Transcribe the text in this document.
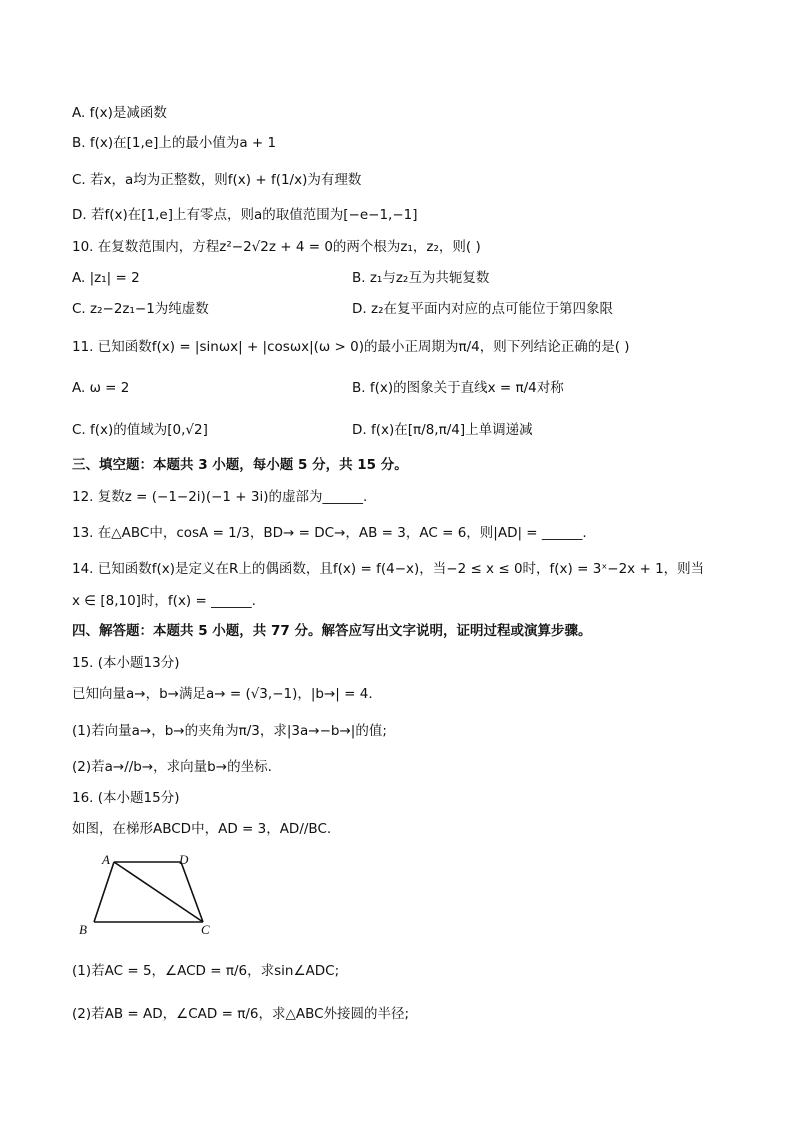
A. f(x)是减函数
B. f(x)在[1,e]上的最小值为a + 1
C. 若x，a均为正整数，则f(x) + f(1/x)为有理数
D. 若f(x)在[1,e]上有零点，则a的取值范围为[−e−1,−1]
10. 在复数范围内，方程z²−2√2z + 4 = 0的两个根为z₁，z₂，则( )
A. |z₁| = 2	B. z₁与z₂互为共轭复数
C. z₂−2z₁−1为纯虚数	D. z₂在复平面内对应的点可能位于第四象限
11. 已知函数f(x) = |sinωx| + |cosωx|(ω > 0)的最小正周期为π/4，则下列结论正确的是( )
A. ω = 2	B. f(x)的图象关于直线x = π/4对称
C. f(x)的值域为[0,√2]	D. f(x)在[π/8,π/4]上单调递减
三、填空题：本题共 3 小题，每小题 5 分，共 15 分。
12. 复数z = (−1−2i)(−1 + 3i)的虚部为______.
13. 在△ABC中，cosA = 1/3，BD→ = DC→，AB = 3，AC = 6，则|AD| = ______.
14. 已知函数f(x)是定义在R上的偶函数，且f(x) = f(4−x)，当−2 ≤ x ≤ 0时，f(x) = 3ˣ−2x + 1，则当
x ∈ [8,10]时，f(x) = ______.
四、解答题：本题共 5 小题，共 77 分。解答应写出文字说明，证明过程或演算步骤。
15. (本小题13分)
已知向量a→，b→满足a→ = (√3,−1)，|b→| = 4.
(1)若向量a→，b→的夹角为π/3，求|3a→−b→|的值;
(2)若a→//b→，求向量b→的坐标.
16. (本小题15分)
如图，在梯形ABCD中，AD = 3，AD//BC.
A	D
B	C
(1)若AC = 5，∠ACD = π/6，求sin∠ADC;
(2)若AB = AD，∠CAD = π/6，求△ABC外接圆的半径;
